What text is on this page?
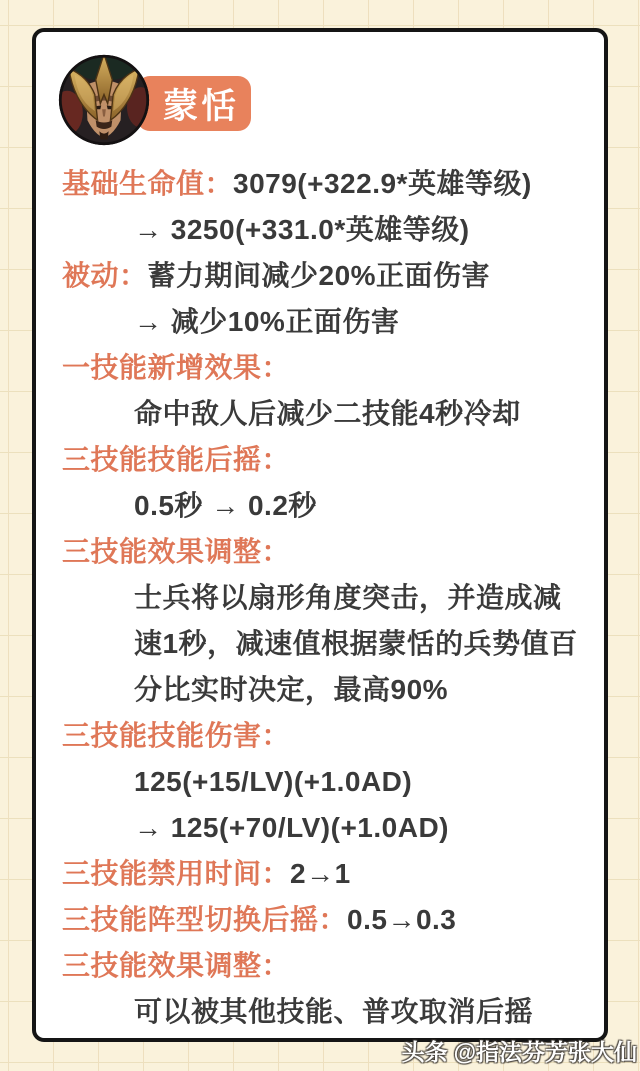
蒙恬

基础生命值：3079(+322.9*英雄等级)

→ 3250(+331.0*英雄等级)

被动：蓄力期间减少20%正面伤害

→ 减少10%正面伤害

一技能新增效果：

命中敌人后减少二技能4秒冷却

三技能技能后摇：

0.5秒 → 0.2秒

三技能效果调整：

士兵将以扇形角度突击，并造成减速1秒，减速值根据蒙恬的兵势值百分比实时决定，最高90%

三技能技能伤害：

125(+15/LV)(+1.0AD)

→ 125(+70/LV)(+1.0AD)

三技能禁用时间：2→1

三技能阵型切换后摇：0.5→0.3

三技能效果调整：

可以被其他技能、普攻取消后摇

头条 @指法芬芳张大仙
